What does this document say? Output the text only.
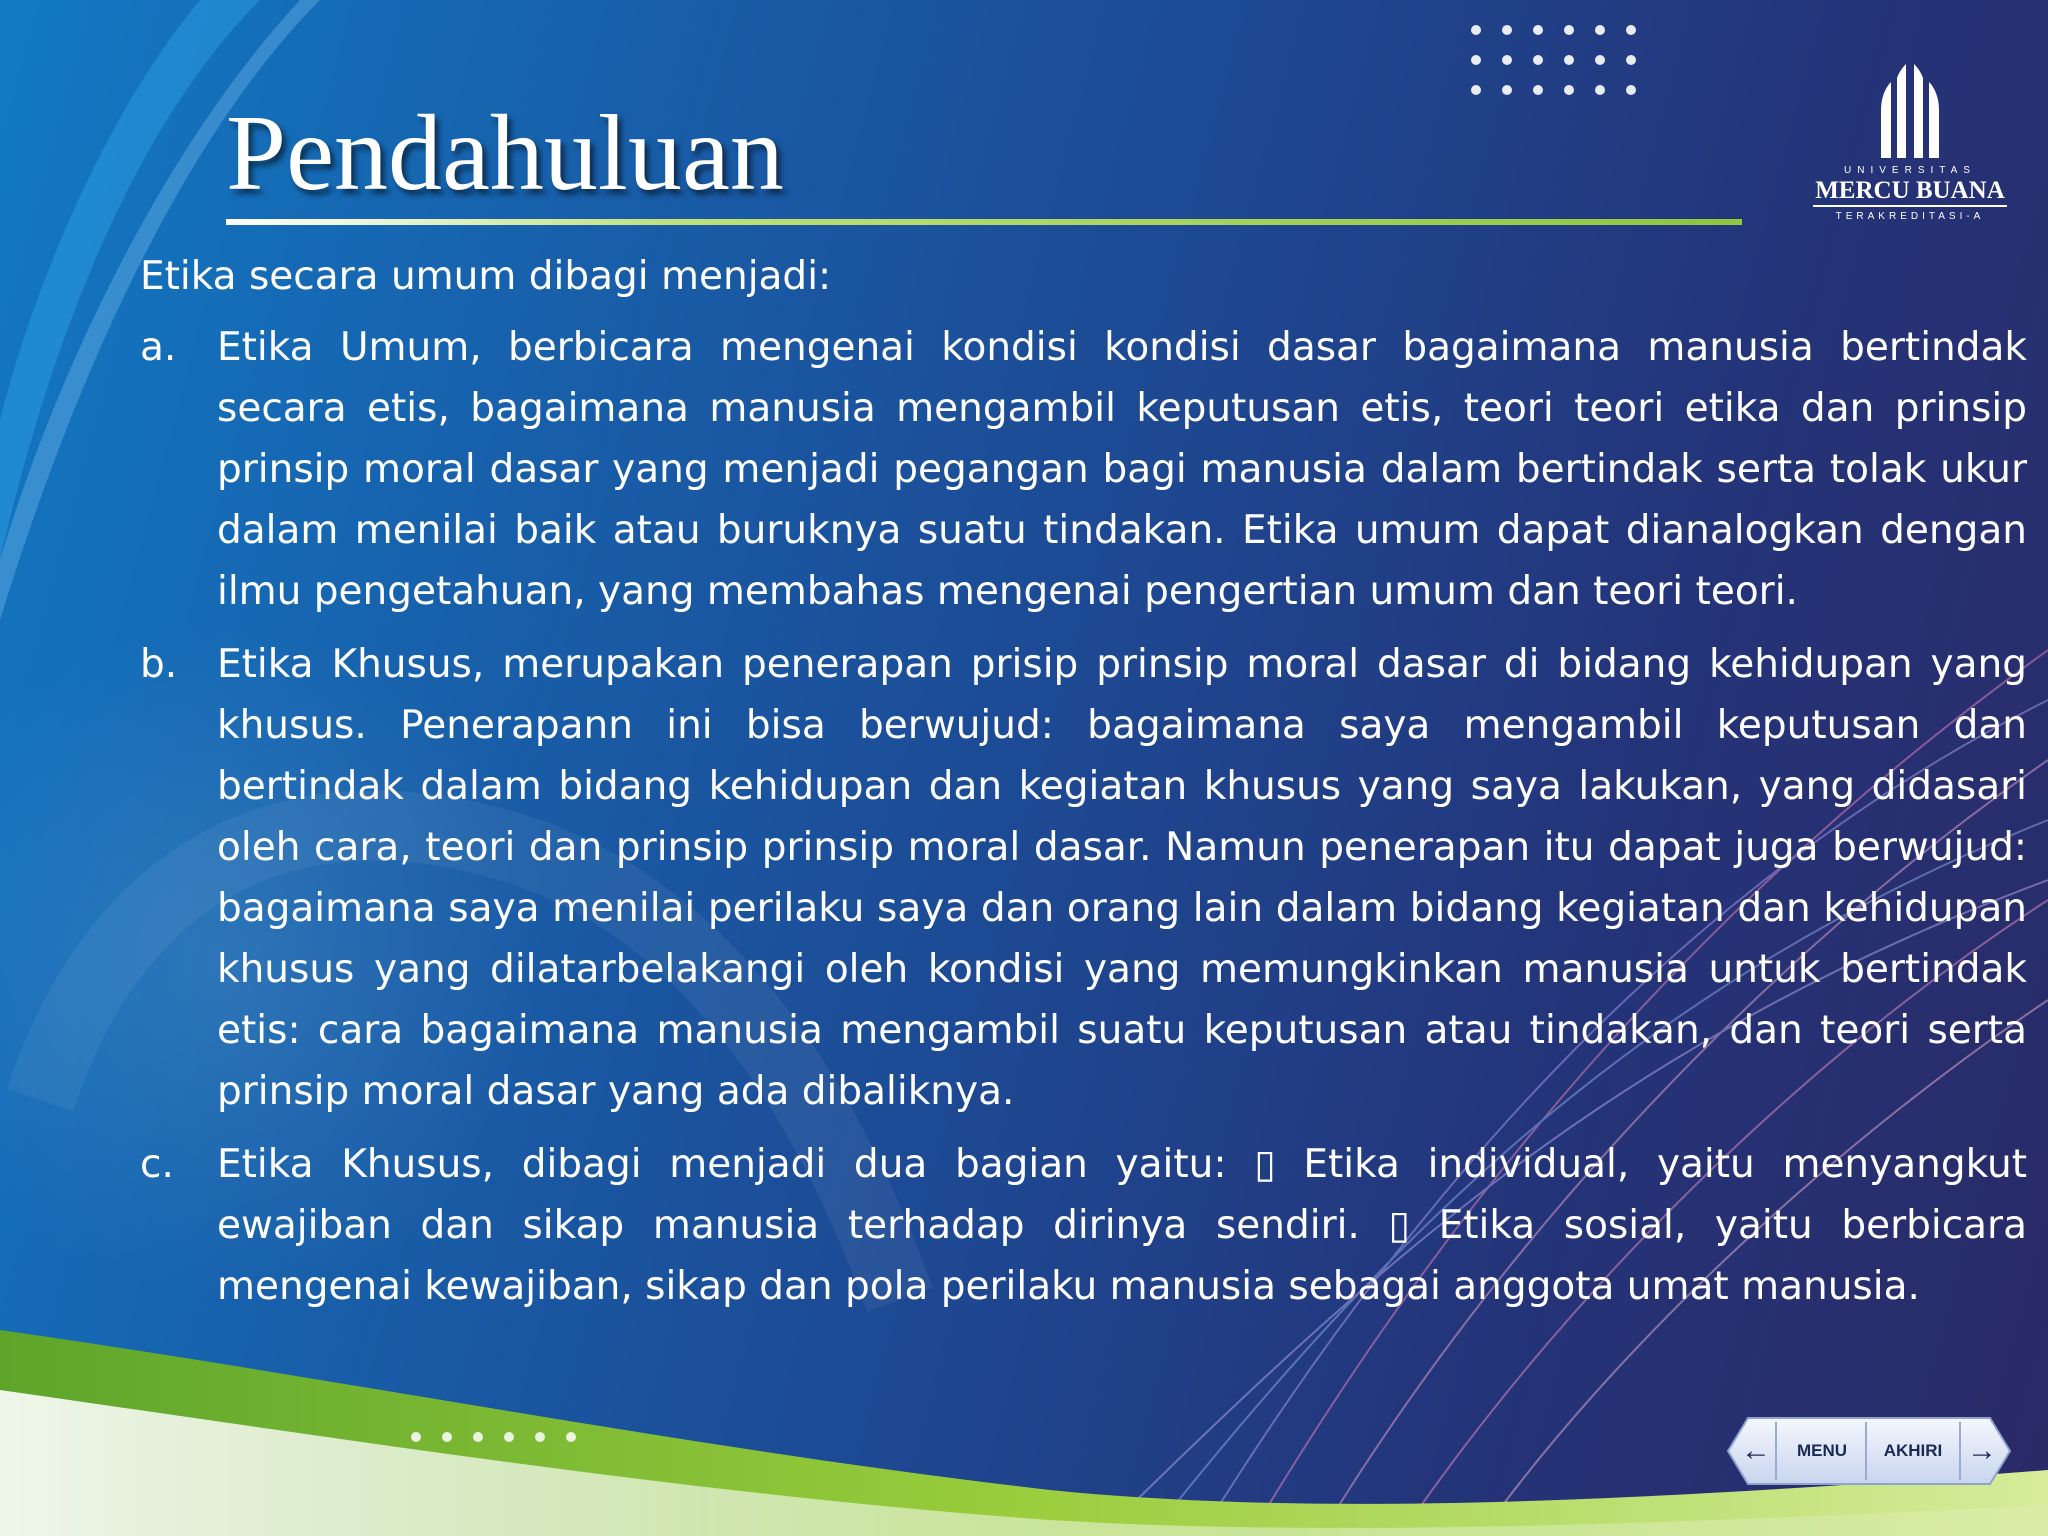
Pendahuluan	UNIVERSITAS
MERCU BUANA
TERAKREDITASI-A

Etika secara umum dibagi menjadi:

a.	Etika Umum, berbicara mengenai kondisi kondisi dasar bagaimana manusia bertindak secara etis, bagaimana manusia mengambil keputusan etis, teori teori etika dan prinsip prinsip moral dasar yang menjadi pegangan bagi manusia dalam bertindak serta tolak ukur dalam menilai baik atau buruknya suatu tindakan. Etika umum dapat dianalogkan dengan ilmu pengetahuan, yang membahas mengenai pengertian umum dan teori teori.
b.	Etika Khusus, merupakan penerapan prisip prinsip moral dasar di bidang kehidupan yang khusus. Penerapann ini bisa berwujud: bagaimana saya mengambil keputusan dan bertindak dalam bidang kehidupan dan kegiatan khusus yang saya lakukan, yang didasari oleh cara, teori dan prinsip prinsip moral dasar. Namun penerapan itu dapat juga berwujud: bagaimana saya menilai perilaku saya dan orang lain dalam bidang kegiatan dan kehidupan khusus yang dilatarbelakangi oleh kondisi yang memungkinkan manusia untuk bertindak etis: cara bagaimana manusia mengambil suatu keputusan atau tindakan, dan teori serta prinsip moral dasar yang ada dibaliknya.
c.	Etika Khusus, dibagi menjadi dua bagian yaitu: ▯ Etika individual, yaitu menyangkut ewajiban dan sikap manusia terhadap dirinya sendiri. ▯ Etika sosial, yaitu berbicara mengenai kewajiban, sikap dan pola perilaku manusia sebagai anggota umat manusia.
←	MENU	AKHIRI →
